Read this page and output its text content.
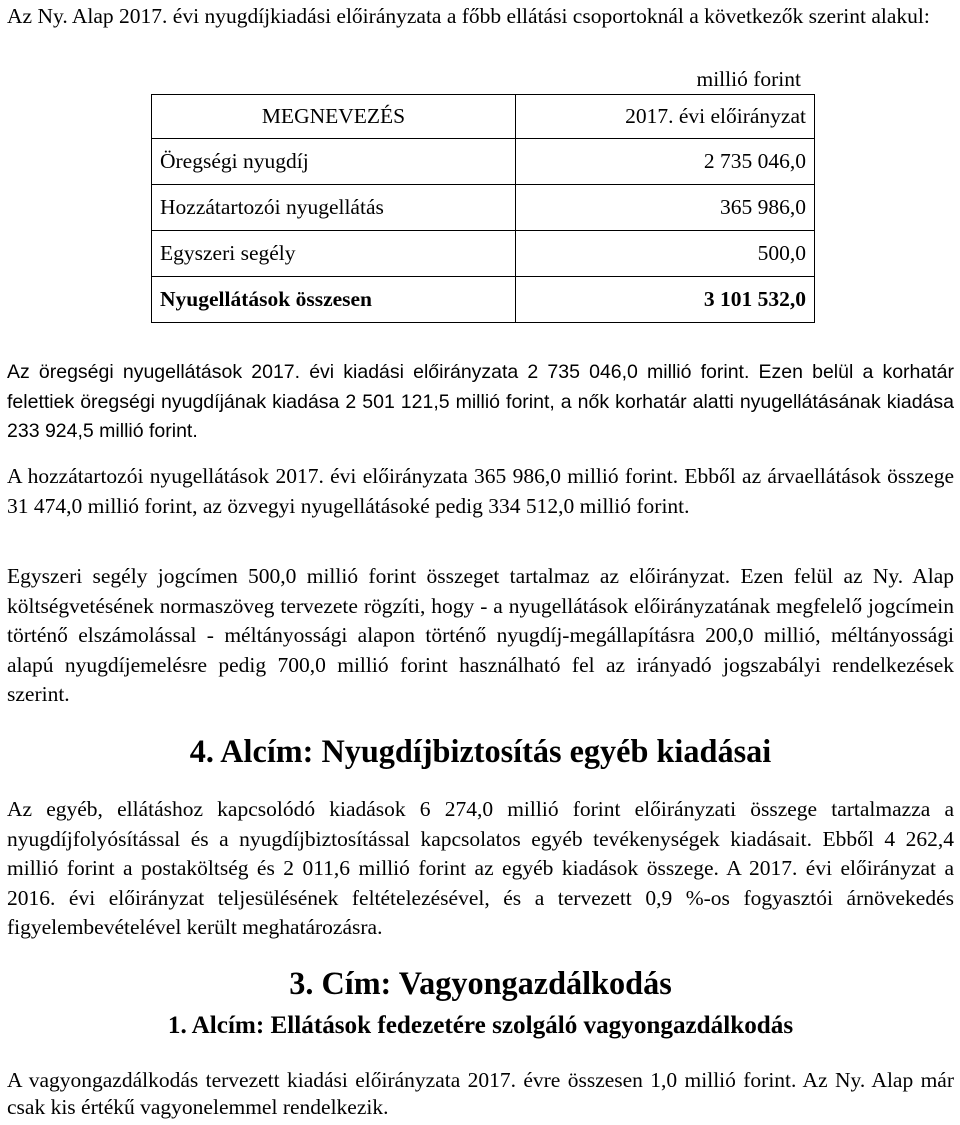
Az Ny. Alap 2017. évi nyugdíjkiadási előirányzata a főbb ellátási csoportoknál a következők szerint alakul:

millió forint
MEGNEVEZÉS	2017. évi előirányzat
Öregségi nyugdíj	2 735 046,0
Hozzátartozói nyugellátás	365 986,0
Egyszeri segély	500,0
Nyugellátások összesen	3 101 532,0

Az öregségi nyugellátások 2017. évi kiadási előirányzata 2 735 046,0 millió forint. Ezen belül a korhatár felettiek öregségi nyugdíjának kiadása 2 501 121,5 millió forint, a nők korhatár alatti nyugellátásának kiadása 233 924,5 millió forint.

A hozzátartozói nyugellátások 2017. évi előirányzata 365 986,0 millió forint. Ebből az árvaellátások összege 31 474,0 millió forint, az özvegyi nyugellátásoké pedig 334 512,0 millió forint.

Egyszeri segély jogcímen 500,0 millió forint összeget tartalmaz az előirányzat. Ezen felül az Ny. Alap költségvetésének normaszöveg tervezete rögzíti, hogy - a nyugellátások előirányzatának megfelelő jogcímein történő elszámolással - méltányossági alapon történő nyugdíj-megállapításra 200,0 millió, méltányossági alapú nyugdíjemelésre pedig 700,0 millió forint használható fel az irányadó jogszabályi rendelkezések szerint.

4. Alcím: Nyugdíjbiztosítás egyéb kiadásai

Az egyéb, ellátáshoz kapcsolódó kiadások 6 274,0 millió forint előirányzati összege tartalmazza a nyugdíjfolyósítással és a nyugdíjbiztosítással kapcsolatos egyéb tevékenységek kiadásait. Ebből 4 262,4 millió forint a postaköltség és 2 011,6 millió forint az egyéb kiadások összege. A 2017. évi előirányzat a 2016. évi előirányzat teljesülésének feltételezésével, és a tervezett 0,9 %-os fogyasztói árnövekedés figyelembevételével került meghatározásra.

3. Cím: Vagyongazdálkodás
1. Alcím: Ellátások fedezetére szolgáló vagyongazdálkodás

A vagyongazdálkodás tervezett kiadási előirányzata 2017. évre összesen 1,0 millió forint. Az Ny. Alap már csak kis értékű vagyonelemmel rendelkezik.
